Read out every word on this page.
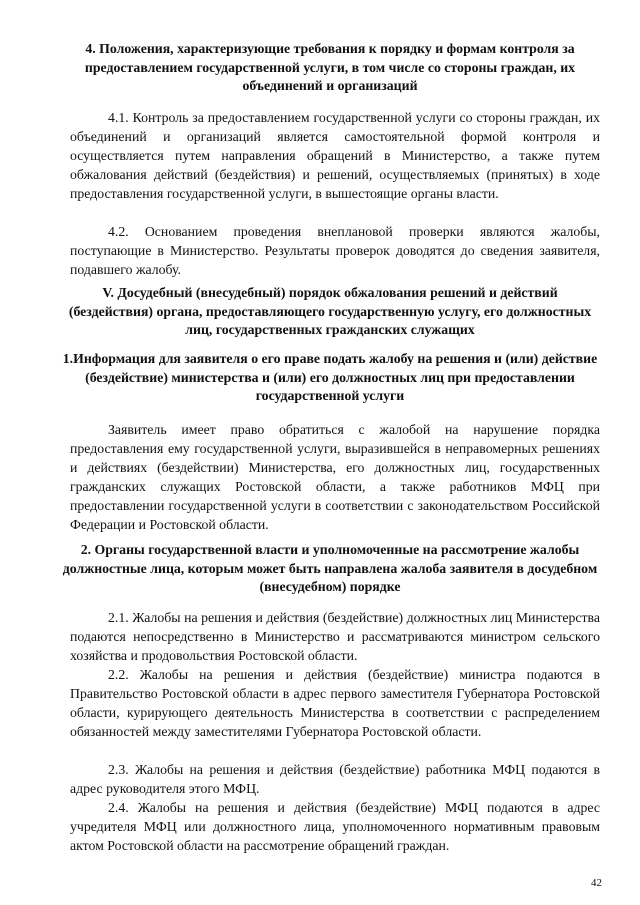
4. Положения, характеризующие требования к порядку и формам контроля за предоставлением государственной услуги, в том числе со стороны граждан, их объединений и организаций

4.1. Контроль за предоставлением государственной услуги со стороны граждан, их объединений и организаций является самостоятельной формой контроля и осуществляется путем направления обращений в Министерство, а также путем обжалования действий (бездействия) и решений, осуществляемых (принятых) в ходе предоставления государственной услуги, в вышестоящие органы власти.

4.2. Основанием проведения внеплановой проверки являются жалобы, поступающие в Министерство. Результаты проверок доводятся до сведения заявителя, подавшего жалобу.

V. Досудебный (внесудебный) порядок обжалования решений и действий (бездействия) органа, предоставляющего государственную услугу, его должностных лиц, государственных гражданских служащих

1.Информация для заявителя о его праве подать жалобу на решения и (или) действие (бездействие) министерства и (или) его должностных лиц при предоставлении государственной услуги

Заявитель имеет право обратиться с жалобой на нарушение порядка предоставления ему государственной услуги, выразившейся в неправомерных решениях и действиях (бездействии) Министерства, его должностных лиц, государственных гражданских служащих Ростовской области, а также работников МФЦ при предоставлении государственной услуги в соответствии с законодательством Российской Федерации и Ростовской области.

2. Органы государственной власти и уполномоченные на рассмотрение жалобы должностные лица, которым может быть направлена жалоба заявителя в досудебном (внесудебном) порядке

2.1. Жалобы на решения и действия (бездействие) должностных лиц Министерства подаются непосредственно в Министерство и рассматриваются министром сельского хозяйства и продовольствия Ростовской области.

2.2. Жалобы на решения и действия (бездействие) министра подаются в Правительство Ростовской области в адрес первого заместителя Губернатора Ростовской области, курирующего деятельность Министерства в соответствии с распределением обязанностей между заместителями Губернатора Ростовской области.

2.3. Жалобы на решения и действия (бездействие) работника МФЦ подаются в адрес руководителя этого МФЦ.

2.4. Жалобы на решения и действия (бездействие) МФЦ подаются в адрес учредителя МФЦ или должностного лица, уполномоченного нормативным правовым актом Ростовской области на рассмотрение обращений граждан.

42
